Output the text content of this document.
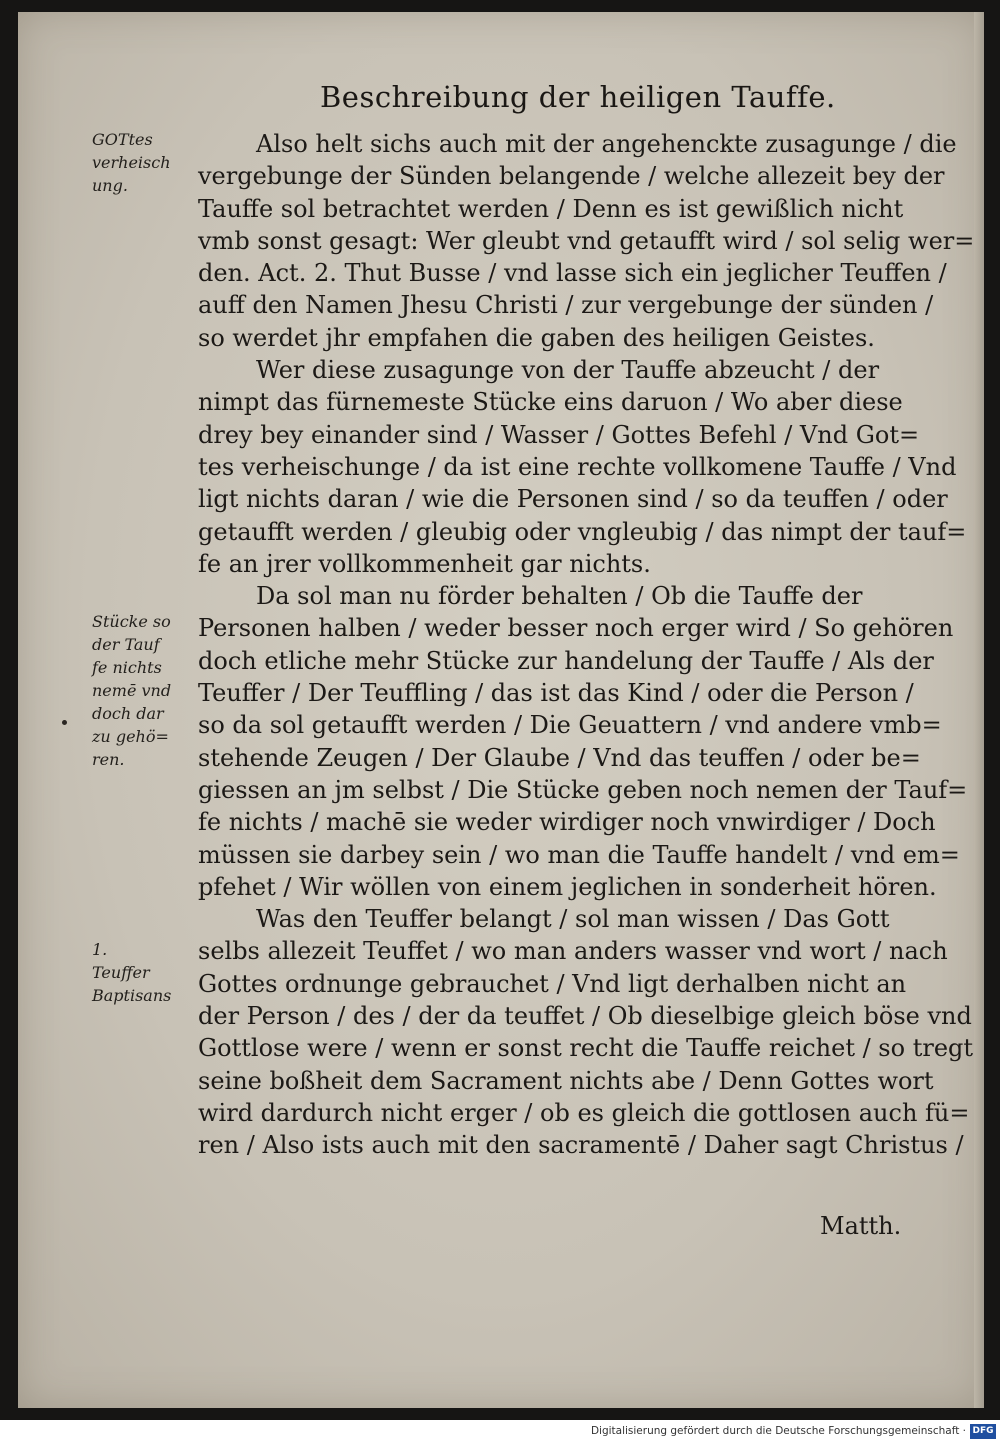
Beschreibung der heiligen Tauffe.
Also helt sichs auch mit der angehenckte zusagunge / die
vergebunge der Sünden belangende / welche allezeit bey der
Tauffe sol betrachtet werden / Denn es ist gewißlich nicht
vmb sonst gesagt: Wer gleubt vnd getaufft wird / sol selig wer=
den. Act. 2. Thut Busse / vnd lasse sich ein jeglicher Teuffen /
auff den Namen Jhesu Christi / zur vergebunge der sünden /
so werdet jhr empfahen die gaben des heiligen Geistes.
Wer diese zusagunge von der Tauffe abzeucht / der
nimpt das fürnemeste Stücke eins daruon / Wo aber diese
drey bey einander sind / Wasser / Gottes Befehl / Vnd Got=
tes verheischunge / da ist eine rechte vollkomene Tauffe / Vnd
ligt nichts daran / wie die Personen sind / so da teuffen / oder
getaufft werden / gleubig oder vngleubig / das nimpt der tauf=
fe an jrer vollkommenheit gar nichts.
Da sol man nu förder behalten / Ob die Tauffe der
Personen halben / weder besser noch erger wird / So gehören
doch etliche mehr Stücke zur handelung der Tauffe / Als der
Teuffer / Der Teuffling / das ist das Kind / oder die Person /
so da sol getaufft werden / Die Geuattern / vnd andere vmb=
stehende Zeugen / Der Glaube / Vnd das teuffen / oder be=
giessen an jm selbst / Die Stücke geben noch nemen der Tauf=
fe nichts / machē sie weder wirdiger noch vnwirdiger / Doch
müssen sie darbey sein / wo man die Tauffe handelt / vnd em=
pfehet / Wir wöllen von einem jeglichen in sonderheit hören.
Was den Teuffer belangt / sol man wissen / Das Gott
selbs allezeit Teuffet / wo man anders wasser vnd wort / nach
Gottes ordnunge gebrauchet / Vnd ligt derhalben nicht an
der Person / des / der da teuffet / Ob dieselbige gleich böse vnd
Gottlose were / wenn er sonst recht die Tauffe reichet / so tregt
seine boßheit dem Sacrament nichts abe / Denn Gottes wort
wird dardurch nicht erger / ob es gleich die gottlosen auch fü=
ren / Also ists auch mit den sacramentē / Daher sagt Christus /
GOTtes
verheisch
ung.
Stücke so
der Tauf
fe nichts
nemē vnd
doch dar
zu gehö=
ren.
1.
Teuffer
Baptisans
Matth.
Digitalisierung gefördert durch die Deutsche Forschungsgemeinschaft · DFG
